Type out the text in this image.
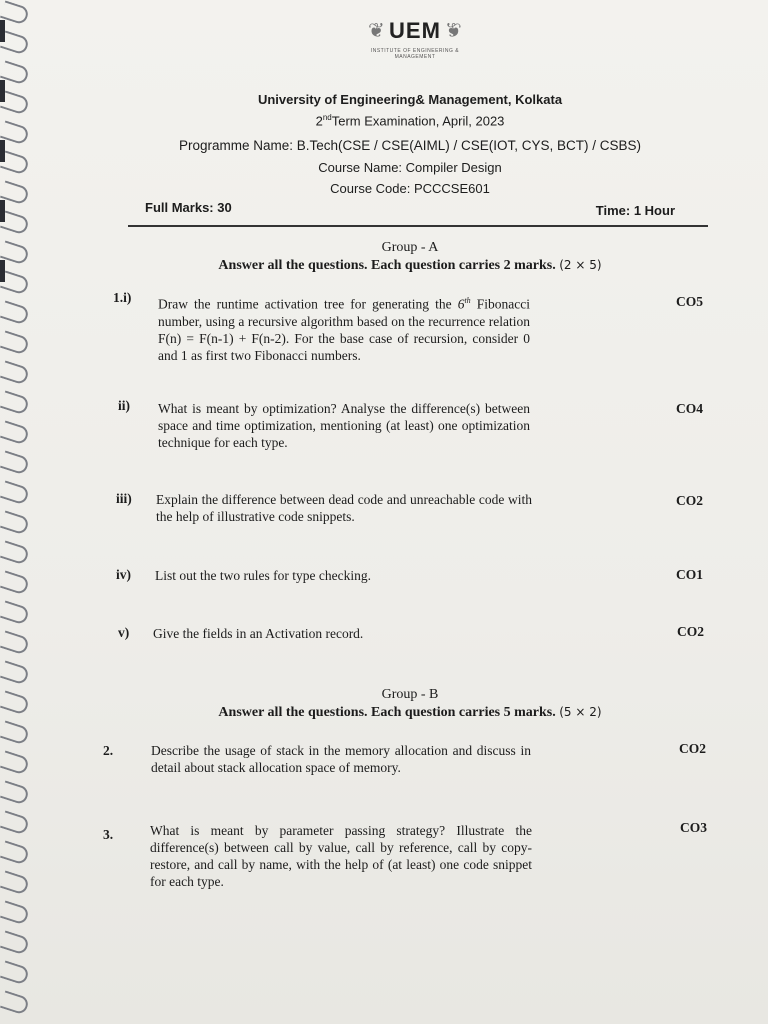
❦ UEM ❦
INSTITUTE OF ENGINEERING & MANAGEMENT
University of Engineering& Management, Kolkata
2ndTerm Examination, April, 2023
Programme Name: B.Tech(CSE / CSE(AIML) / CSE(IOT, CYS, BCT) / CSBS)
Course Name: Compiler Design
Course Code: PCCCSE601
Full Marks: 30	Time: 1 Hour
Group - A
Answer all the questions. Each question carries 2 marks. (2 × 5)
1.i) Draw the runtime activation tree for generating the 6th Fibonacci number, using a recursive algorithm based on the recurrence relation F(n) = F(n-1) + F(n-2). For the base case of recursion, consider 0 and 1 as first two Fibonacci numbers.
CO5
ii) What is meant by optimization? Analyse the difference(s) between space and time optimization, mentioning (at least) one optimization technique for each type.
CO4
iii) Explain the difference between dead code and unreachable code with the help of illustrative code snippets.
CO2
iv) List out the two rules for type checking.	CO1
v) Give the fields in an Activation record.	CO2
Group - B
Answer all the questions. Each question carries 5 marks. (5 × 2)
2.	Describe the usage of stack in the memory allocation and discuss in detail about stack allocation space of memory.
CO2
3.	What is meant by parameter passing strategy? Illustrate the difference(s) between call by value, call by reference, call by copy-restore, and call by name, with the help of (at least) one code snippet for each type.
CO3
